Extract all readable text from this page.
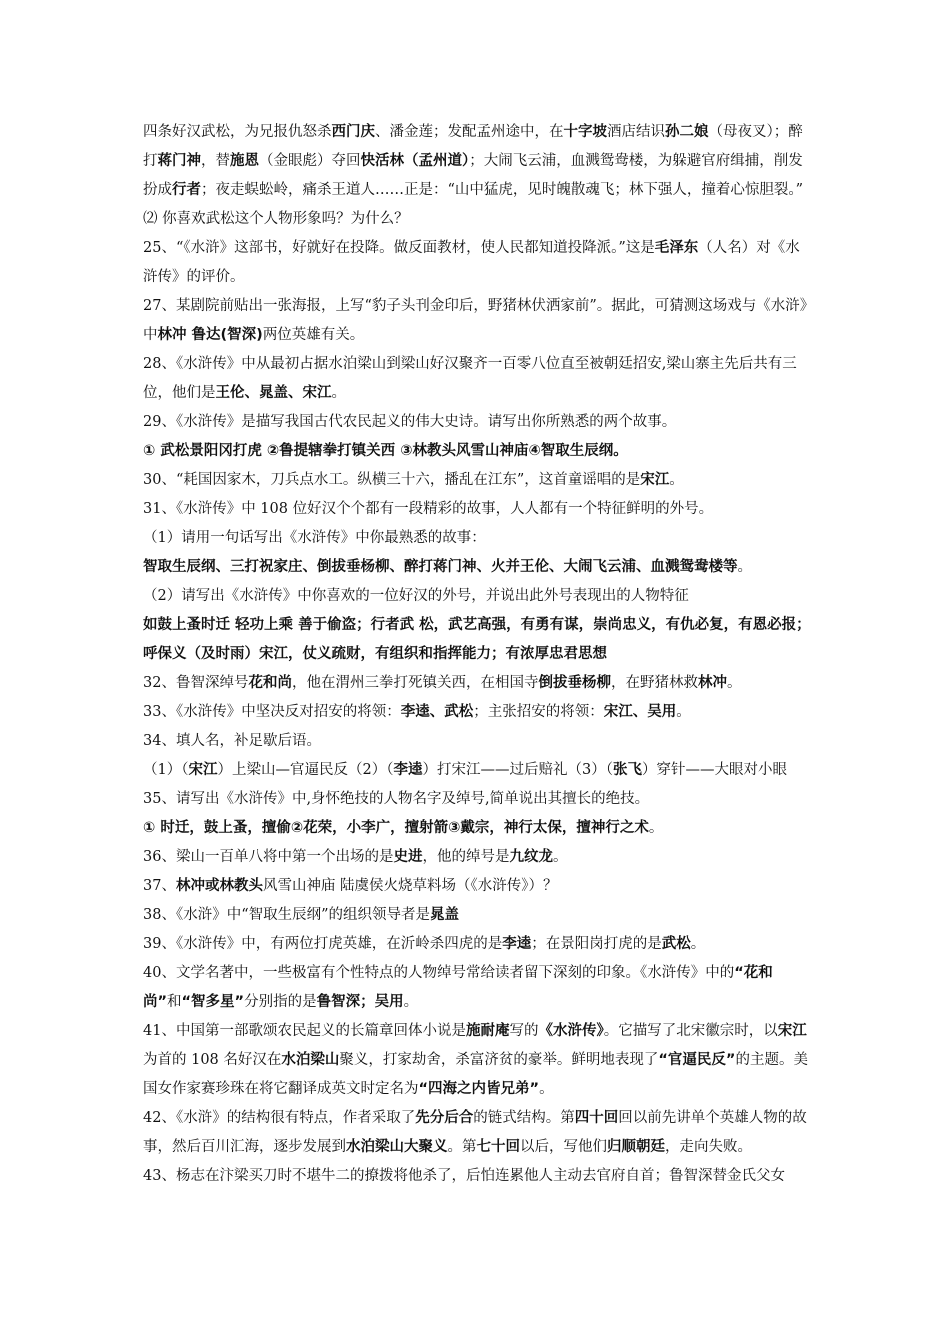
四条好汉武松，为兄报仇怒杀西门庆、潘金莲；发配孟州途中，在十字坡酒店结识孙二娘（母夜叉）；醉打蒋门神，替施恩（金眼彪）夺回快活林（孟州道）；大闹飞云浦，血溅鸳鸯楼，为躲避官府缉捕，削发扮成行者；夜走蜈蚣岭，痛杀王道人……正是：“山中猛虎，见时魄散魂飞；林下强人，撞着心惊胆裂。”

⑵ 你喜欢武松这个人物形象吗？为什么？

25、“《水浒》这部书，好就好在投降。做反面教材，使人民都知道投降派。”这是毛泽东（人名）对《水浒传》的评价。

27、某剧院前贴出一张海报，上写“豹子头刊金印后，野猪林伏洒家前”。据此，可猜测这场戏与《水浒》中林冲 鲁达(智深)两位英雄有关。

28、《水浒传》中从最初占据水泊梁山到梁山好汉聚齐一百零八位直至被朝廷招安,梁山寨主先后共有三位，他们是王伦、晁盖、宋江。

29、《水浒传》是描写我国古代农民起义的伟大史诗。请写出你所熟悉的两个故事。

① 武松景阳冈打虎 ②鲁提辖拳打镇关西 ③林教头风雪山神庙④智取生辰纲。

30、“耗国因家木，刀兵点水工。纵横三十六，播乱在江东”，这首童谣唱的是宋江。

31、《水浒传》中 108 位好汉个个都有一段精彩的故事，人人都有一个特征鲜明的外号。

（1）请用一句话写出《水浒传》中你最熟悉的故事：

智取生辰纲、三打祝家庄、倒拔垂杨柳、醉打蒋门神、火并王伦、大闹飞云浦、血溅鸳鸯楼等。

（2）请写出《水浒传》中你喜欢的一位好汉的外号，并说出此外号表现出的人物特征

如鼓上蚤时迁 轻功上乘 善于偷盗；行者武 松，武艺高强，有勇有谋，崇尚忠义，有仇必复，有恩必报；呼保义（及时雨）宋江，仗义疏财，有组织和指挥能力；有浓厚忠君思想

32、鲁智深绰号花和尚，他在渭州三拳打死镇关西，在相国寺倒拔垂杨柳，在野猪林救林冲。

33、《水浒传》中坚决反对招安的将领：李逵、武松；主张招安的将领：宋江、吴用。

34、填人名，补足歇后语。

（1）（宋江）上梁山—官逼民反（2）（李逵）打宋江——过后赔礼（3）（张飞）穿针——大眼对小眼

35、请写出《水浒传》中,身怀绝技的人物名字及绰号,简单说出其擅长的绝技。

① 时迁，鼓上蚤，擅偷②花荣，小李广，擅射箭③戴宗，神行太保，擅神行之术。

36、梁山一百单八将中第一个出场的是史进，他的绰号是九纹龙。

37、林冲或林教头风雪山神庙 陆虞侯火烧草料场（《水浒传》）？

38、《水浒》中“智取生辰纲”的组织领导者是晁盖

39、《水浒传》中，有两位打虎英雄，在沂岭杀四虎的是李逵；在景阳岗打虎的是武松。

40、文学名著中，一些极富有个性特点的人物绰号常给读者留下深刻的印象。《水浒传》中的“花和尚”和“智多星”分别指的是鲁智深；吴用。

41、中国第一部歌颂农民起义的长篇章回体小说是施耐庵写的《水浒传》。它描写了北宋徽宗时，以宋江为首的 108 名好汉在水泊梁山聚义，打家劫舍，杀富济贫的豪举。鲜明地表现了“官逼民反”的主题。美国女作家赛珍珠在将它翻译成英文时定名为“四海之内皆兄弟”。

42、《水浒》的结构很有特点，作者采取了先分后合的链式结构。第四十回回以前先讲单个英雄人物的故事，然后百川汇海，逐步发展到水泊梁山大聚义。第七十回以后，写他们归顺朝廷，走向失败。

43、杨志在汴梁买刀时不堪牛二的撩拨将他杀了，后怕连累他人主动去官府自首；鲁智深替金氏父女
